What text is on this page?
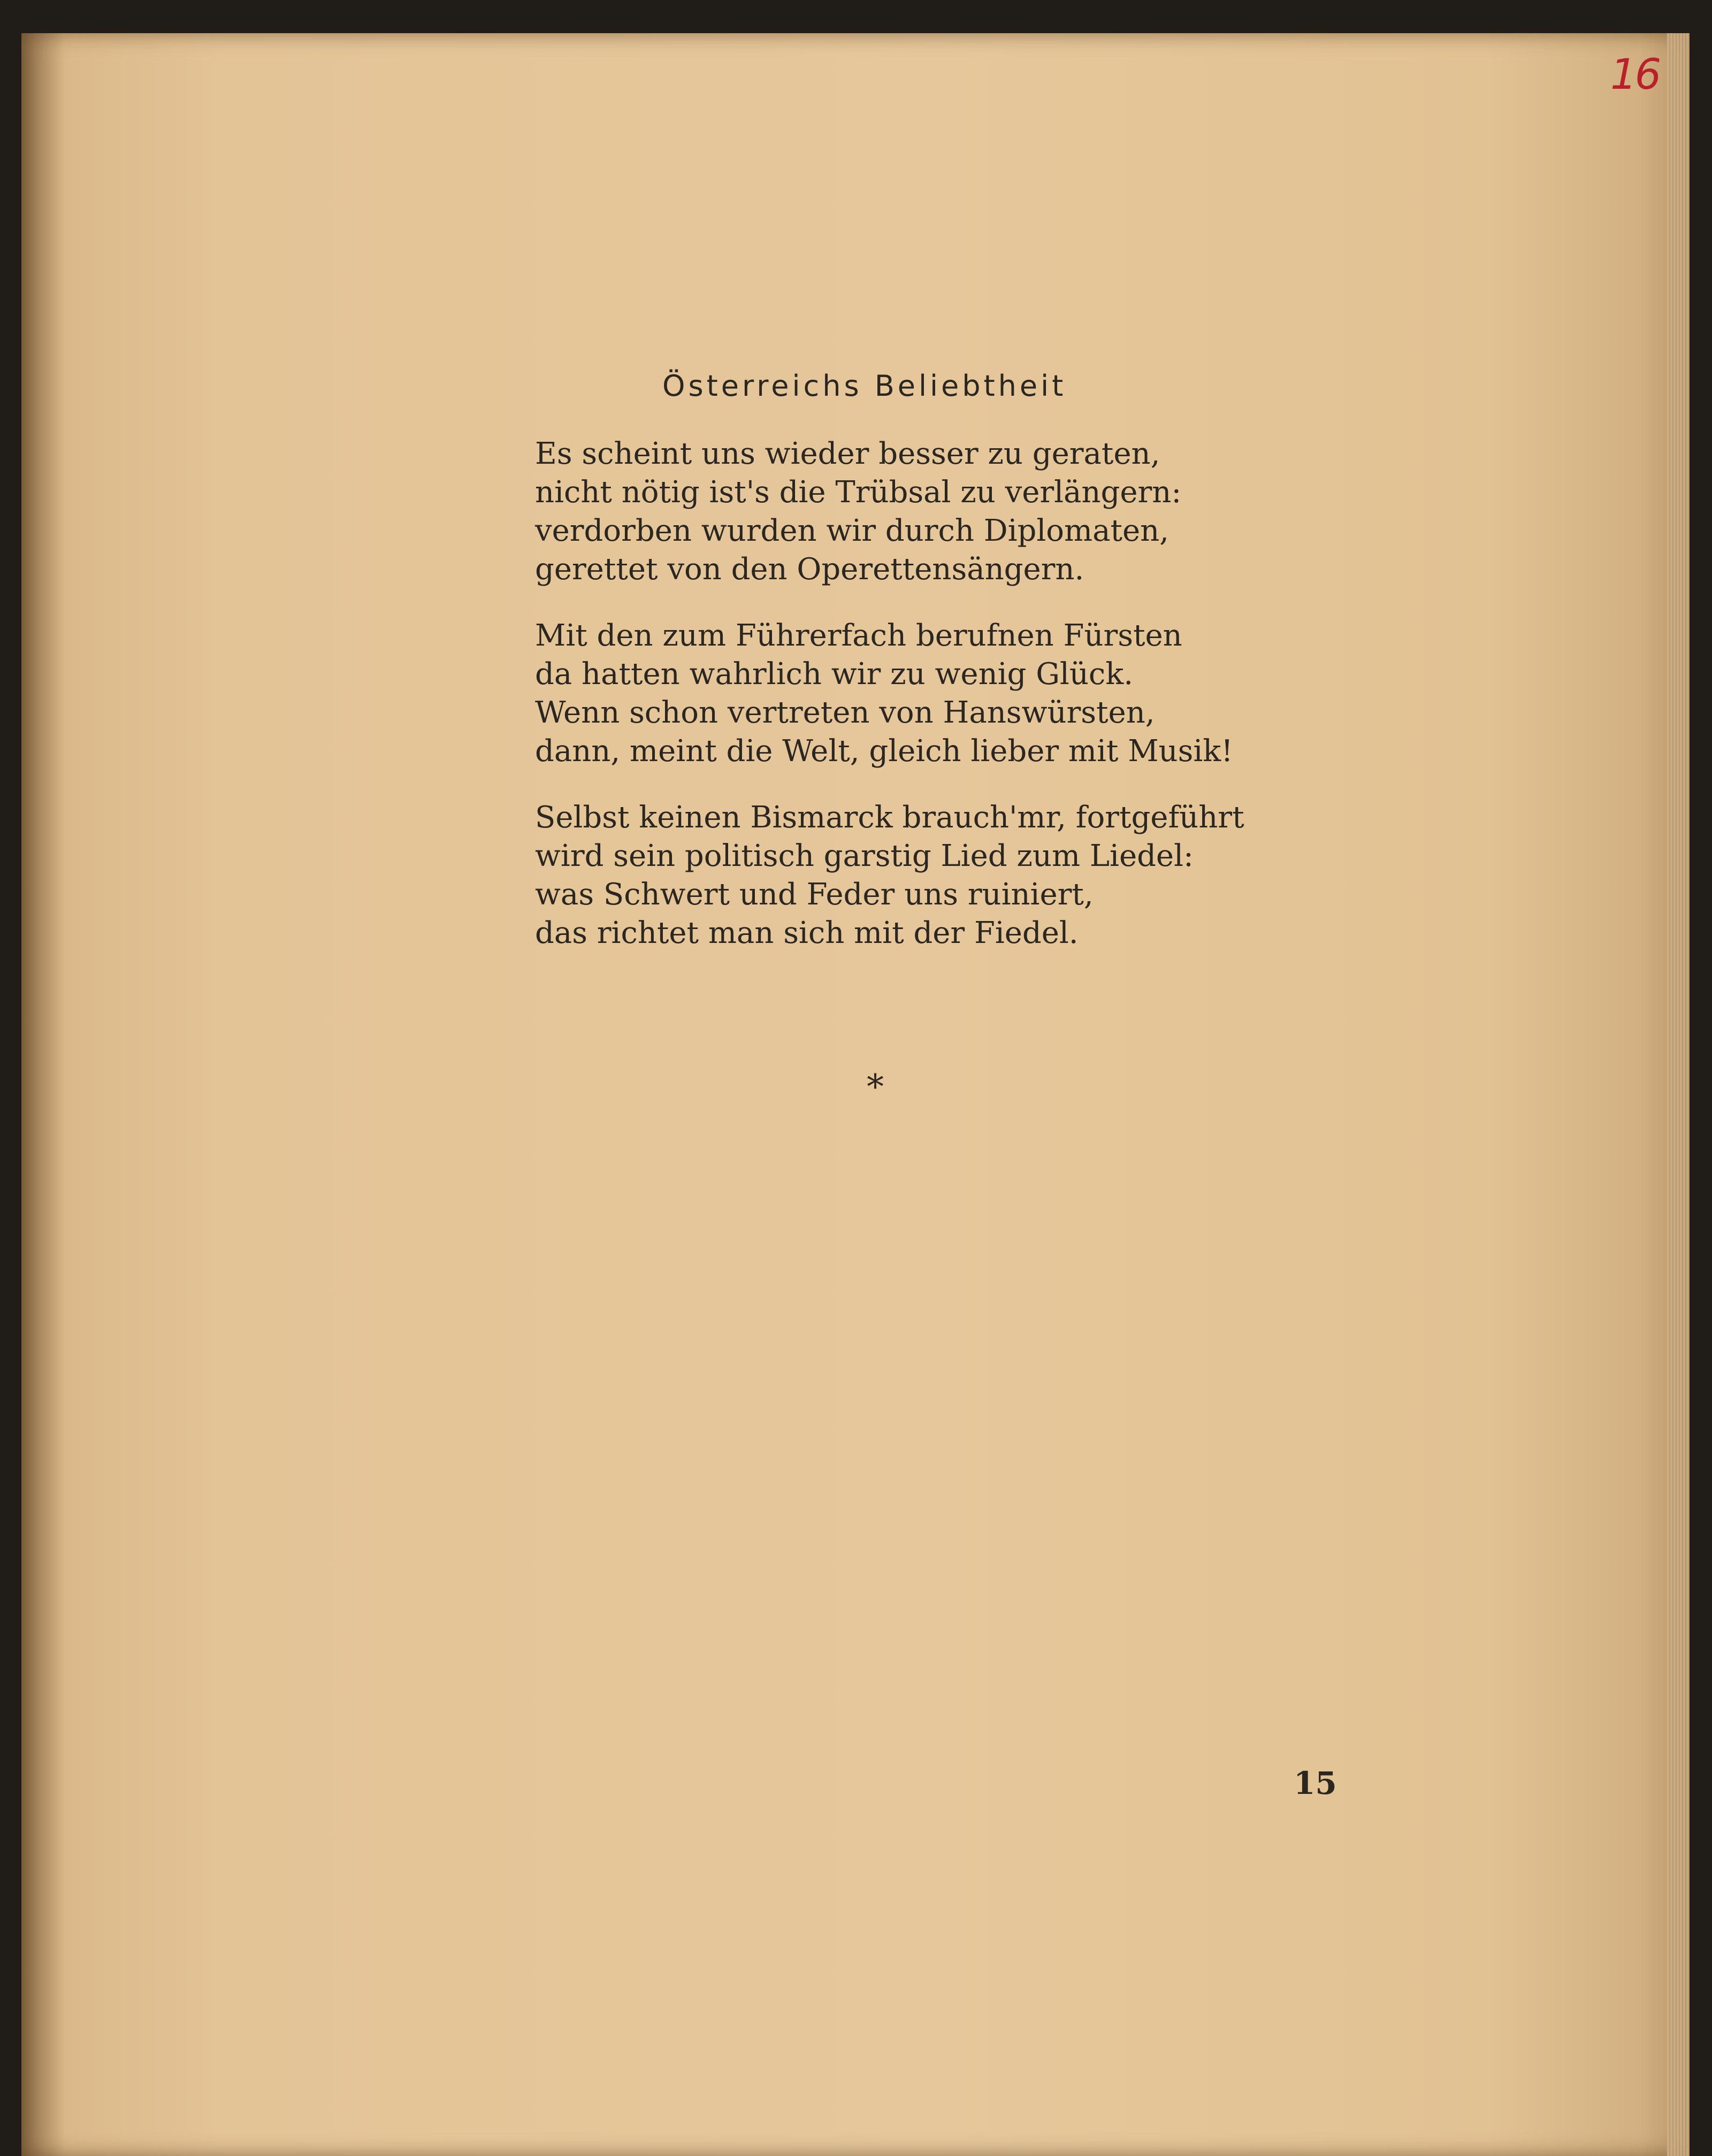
16
Österreichs Beliebtheit
Es scheint uns wieder besser zu geraten,
nicht nötig ist's die Trübsal zu verlängern:
verdorben wurden wir durch Diplomaten,
gerettet von den Operettensängern.
Mit den zum Führerfach berufnen Fürsten
da hatten wahrlich wir zu wenig Glück.
Wenn schon vertreten von Hanswürsten,
dann, meint die Welt, gleich lieber mit Musik!
Selbst keinen Bismarck brauch'mr, fortgeführt
wird sein politisch garstig Lied zum Liedel:
was Schwert und Feder uns ruiniert,
das richtet man sich mit der Fiedel.
*
15
